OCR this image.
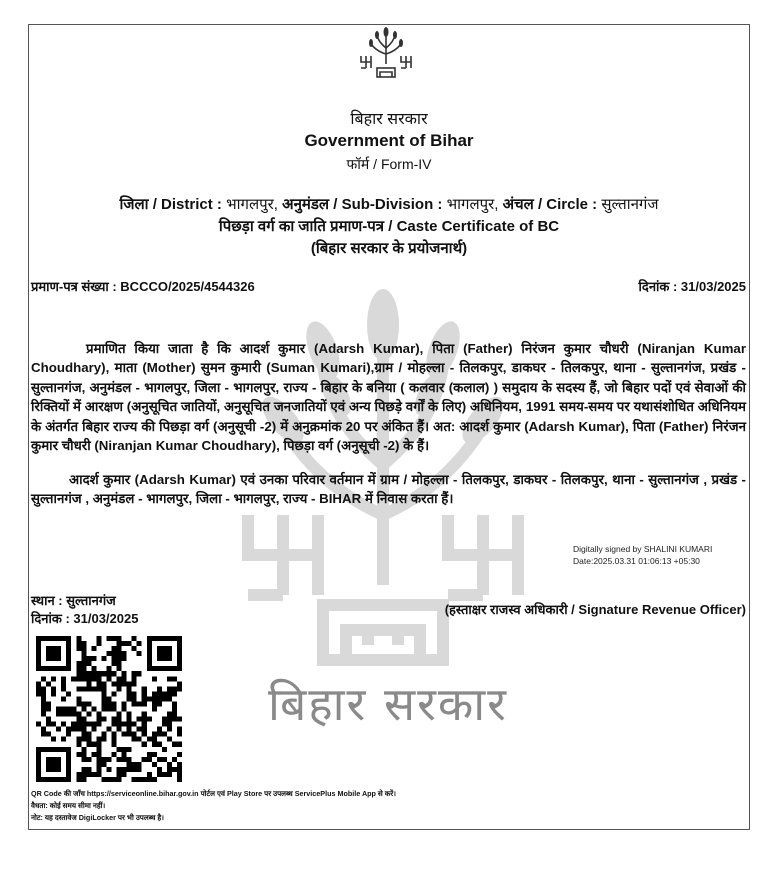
बिहार सरकार
बिहार सरकार
Government of Bihar
फॉर्म / Form-IV
जिला / District : भागलपुर, अनुमंडल / Sub-Division : भागलपुर, अंचल / Circle : सुल्तानगंज
पिछड़ा वर्ग का जाति प्रमाण-पत्र / Caste Certificate of BC
(बिहार सरकार के प्रयोजनार्थ)
प्रमाण-पत्र संख्या : BCCCO/2025/4544326	दिनांक : 31/03/2025
प्रमाणित किया जाता है कि आदर्श कुमार (Adarsh Kumar), पिता (Father) निरंजन कुमार चौधरी (Niranjan Kumar Choudhary), माता (Mother) सुमन कुमारी (Suman Kumari),ग्राम / मोहल्ला - तिलकपुर, डाकघर - तिलकपुर, थाना - सुल्तानगंज, प्रखंड - सुल्तानगंज, अनुमंडल - भागलपुर, जिला - भागलपुर, राज्य - बिहार के बनिया ( कलवार (कलाल) ) समुदाय के सदस्य हैं, जो बिहार पदों एवं सेवाओं की रिक्तियों में आरक्षण (अनुसूचित जातियों, अनुसूचित जनजातियों एवं अन्य पिछड़े वर्गों के लिए) अधिनियम, 1991 समय-समय पर यथासंशोधित अधिनियम के अंतर्गत बिहार राज्य की पिछड़ा वर्ग (अनुसूची -2) में अनुक्रमांक 20 पर अंकित हैं। अत: आदर्श कुमार (Adarsh Kumar), पिता (Father) निरंजन कुमार चौधरी (Niranjan Kumar Choudhary), पिछड़ा वर्ग (अनुसूची -2) के हैं।
आदर्श कुमार (Adarsh Kumar) एवं उनका परिवार वर्तमान में ग्राम / मोहल्ला - तिलकपुर, डाकघर - तिलकपुर, थाना - सुल्तानगंज , प्रखंड - सुल्तानगंज , अनुमंडल - भागलपुर, जिला - भागलपुर, राज्य - BIHAR में निवास करता हैं।
Digitally signed by SHALINI KUMARI
Date:2025.03.31 01:06:13 +05:30
स्थान : सुल्तानगंज
दिनांक : 31/03/2025
(हस्ताक्षर राजस्व अधिकारी / Signature Revenue Officer)
QR Code की जाँच https://serviceonline.bihar.gov.in पोर्टल एवं Play Store पर उपलब्ध ServicePlus Mobile App से करें।
वैधता: कोई समय सीमा नहीं।
नोट: यह दस्तावेज DigiLocker पर भी उपलब्ध है।
